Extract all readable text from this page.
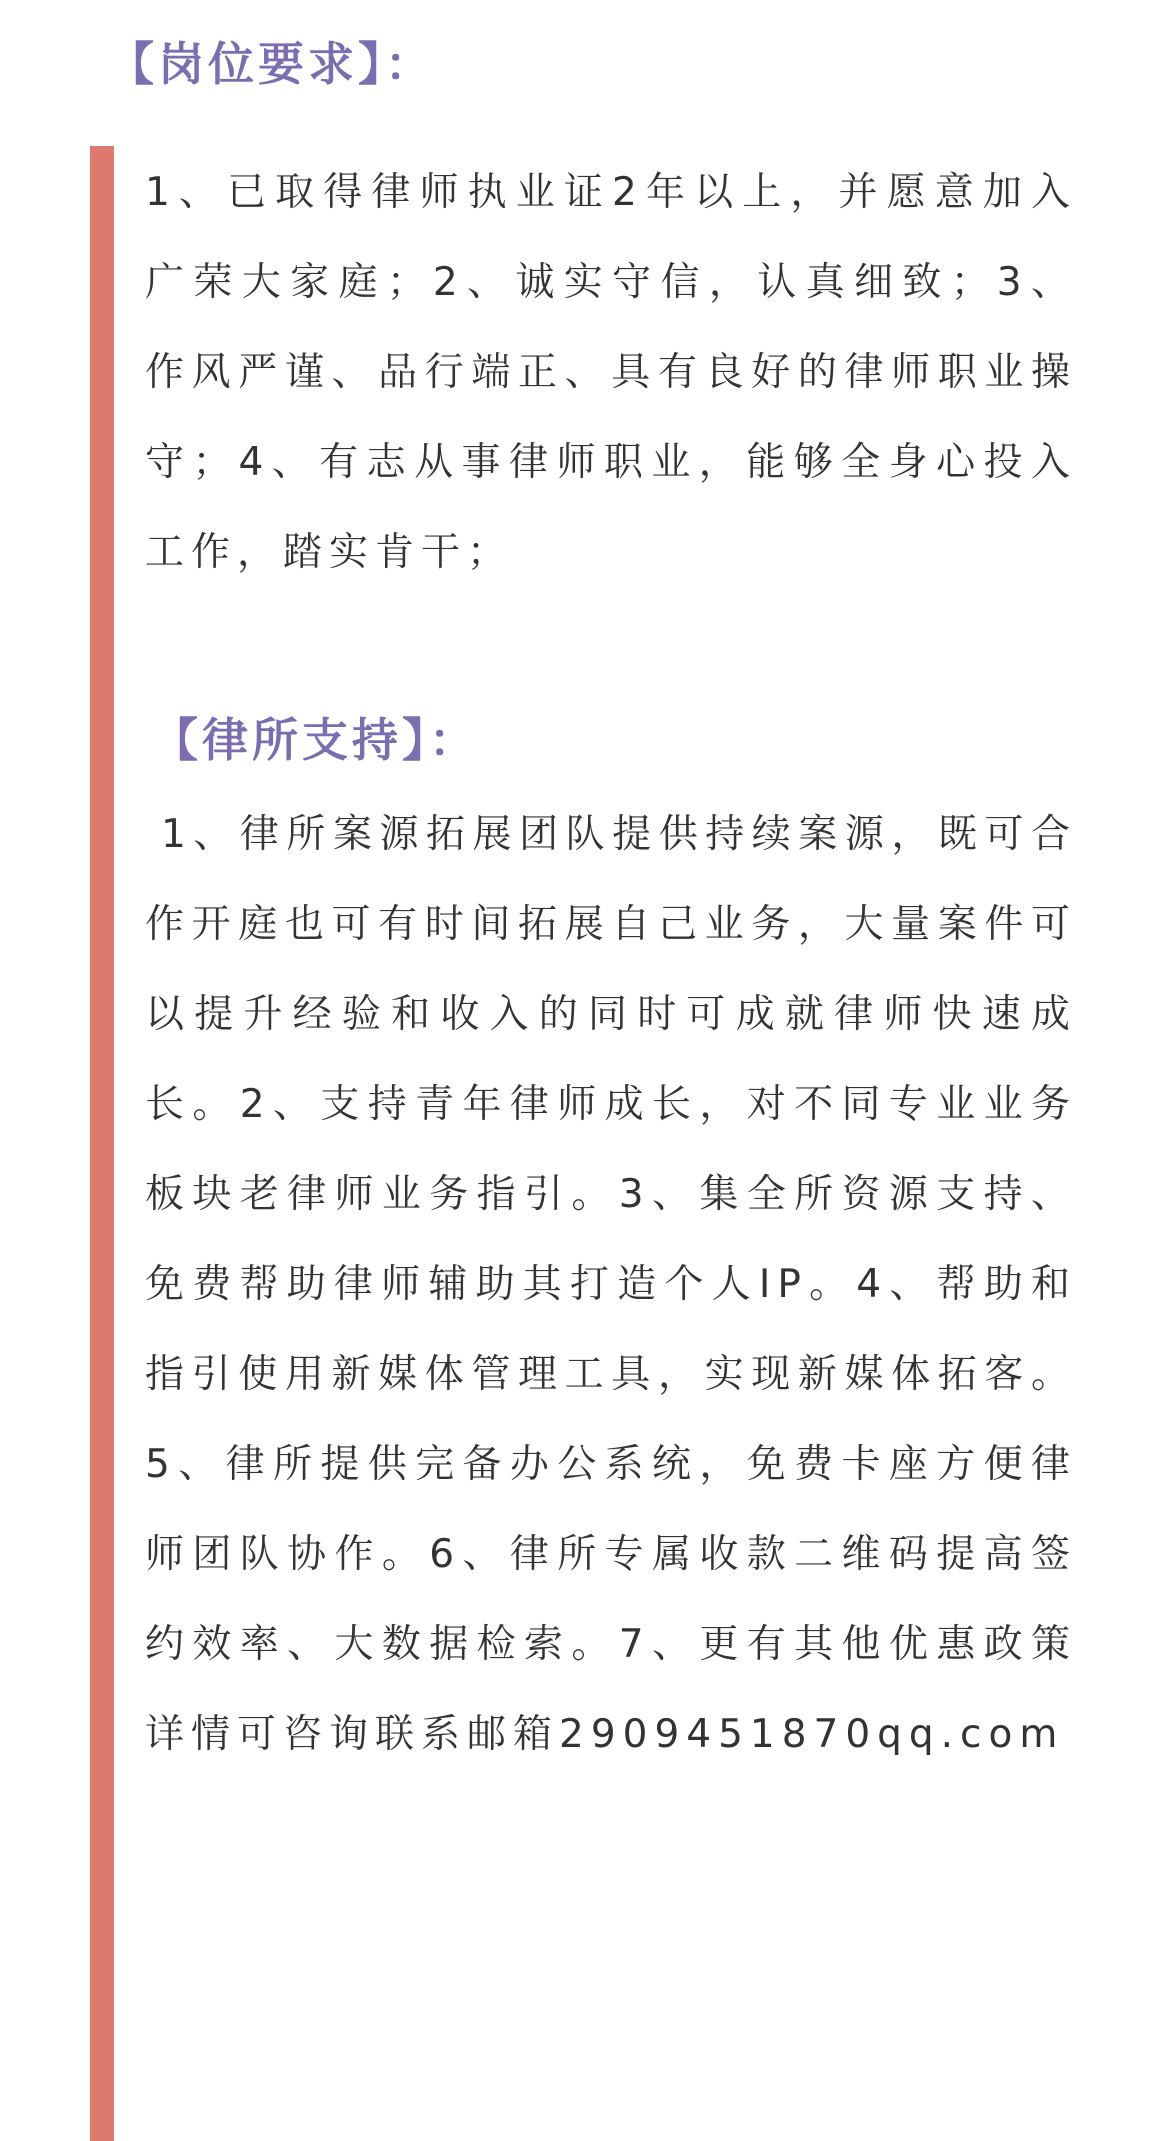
【岗位要求】：

1、已取得律师执业证2年以上，并愿意加入广荣大家庭；2、诚实守信，认真细致；3、作风严谨、品行端正、具有良好的律师职业操守；4、有志从事律师职业，能够全身心投入工作，踏实肯干；

【律所支持】：

1、律所案源拓展团队提供持续案源，既可合作开庭也可有时间拓展自己业务，大量案件可以提升经验和收入的同时可成就律师快速成长。2、支持青年律师成长，对不同专业业务板块老律师业务指引。3、集全所资源支持、免费帮助律师辅助其打造个人IP。4、帮助和指引使用新媒体管理工具，实现新媒体拓客。5、律所提供完备办公系统，免费卡座方便律师团队协作。6、律所专属收款二维码提高签约效率、大数据检索。7、更有其他优惠政策详情可咨询联系邮箱2909451870qq.com
